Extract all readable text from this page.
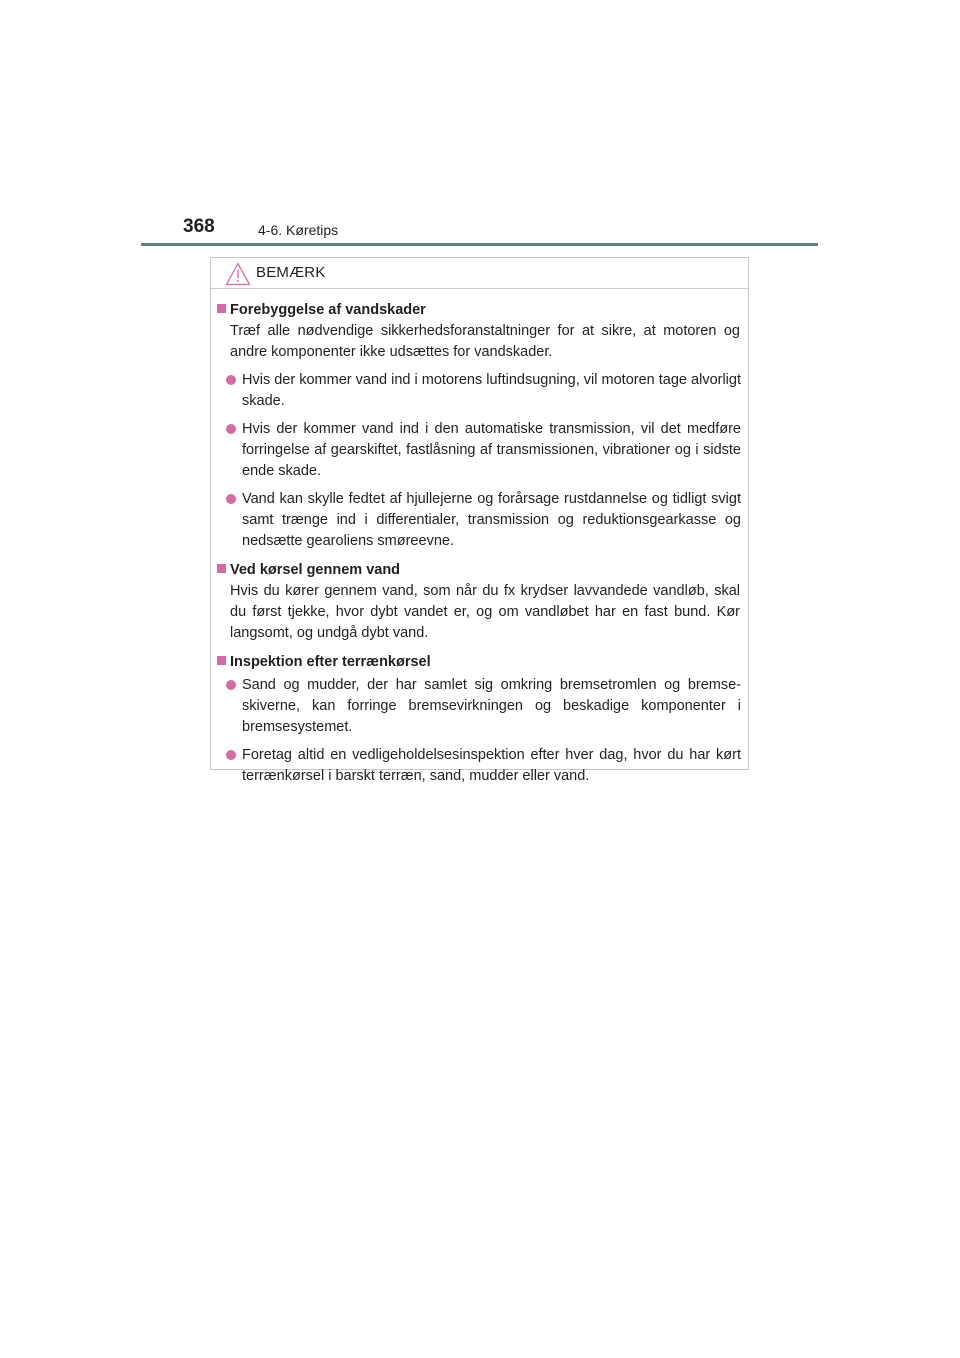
368	4-6. Køretips
BEMÆRK
Forebyggelse af vandskader
Træf alle nødvendige sikkerhedsforanstaltninger for at sikre, at motoren og andre komponenter ikke udsættes for vandskader.
Hvis der kommer vand ind i motorens luftindsugning, vil motoren tage alvorligt skade.
Hvis der kommer vand ind i den automatiske transmission, vil det medføre forringelse af gearskiftet, fastlåsning af transmissionen, vibrationer og i sidste ende skade.
Vand kan skylle fedtet af hjullejerne og forårsage rustdannelse og tidligt svigt samt trænge ind i differentialer, transmission og reduktionsgearkasse og nedsætte gearoliens smøreevne.
Ved kørsel gennem vand
Hvis du kører gennem vand, som når du fx krydser lavvandede vandløb, skal du først tjekke, hvor dybt vandet er, og om vandløbet har en fast bund. Kør langsomt, og undgå dybt vand.
Inspektion efter terrænkørsel
Sand og mudder, der har samlet sig omkring bremsetromlen og bremse-skiverne, kan forringe bremsevirkningen og beskadige komponenter i bremsesystemet.
Foretag altid en vedligeholdelsesinspektion efter hver dag, hvor du har kørt terrænkørsel i barskt terræn, sand, mudder eller vand.
